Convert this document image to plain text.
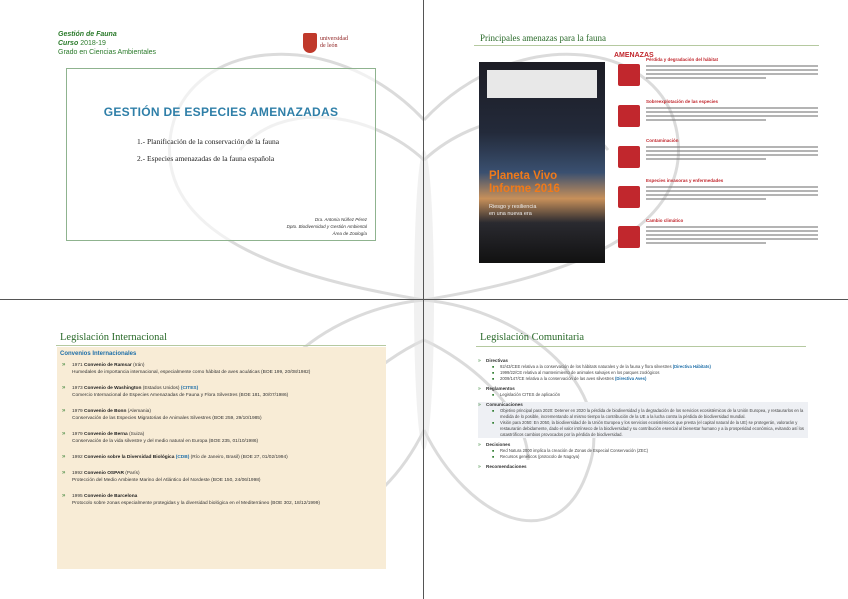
Gestión de Fauna
Curso 2018-19
Grado en Ciencias Ambientales
universidad
de león
GESTIÓN DE ESPECIES AMENAZADAS
1.- Planificación de la conservación de la fauna
2.- Especies amenazadas de la fauna española
Dra. Antonia Núñez Pérez
Dpto. Biodiversidad y Gestión Ambiental
Área de Zoología
Principales amenazas para la fauna
Planeta Vivo
Informe 2016
Riesgo y resiliencia
en una nueva era
AMENAZAS
Pérdida y degradación del hábitat
Sobreexplotación de las especies
Contaminación
Especies invasoras y enfermedades
Cambio climático
Legislación Internacional
Convenios Internacionales
» 1971 Convenio de Ramsar (Irán)
Humedales de importancia internacional, especialmente como hábitat de aves acuáticas (BOE 199, 20/08/1982)
» 1973 Convenio de Washington (Estados Unidos) (CITES)
Comercio Internacional de Especies Amenazadas de Fauna y Flora Silvestres (BOE 181, 30/07/1986)
» 1979 Convenio de Bonn (Alemania)
Conservación de las Especies Migratorias de Animales Silvestres (BOE 259, 29/10/1985)
» 1979 Convenio de Berna (Suiza)
Conservación de la vida silvestre y del medio natural en Europa (BOE 235, 01/10/1986)
» 1992 Convenio sobre la Diversidad Biológica (CDB) (Río de Janeiro, Brasil) (BOE 27, 01/02/1994)
» 1992 Convenio OSPAR (París)
Protección del Medio Ambiente Marino del Atlántico del Nordeste (BOE 150, 24/06/1998)
» 1995 Convenio de Barcelona
Protocolo sobre zonas especialmente protegidas y la diversidad biológica en el Mediterráneo (BOE 302, 18/12/1999)
Legislación Comunitaria
» Directivas
■ 92/43/CEE relativa a la conservación de los hábitats naturales y de la fauna y flora silvestres (Directiva Hábitats)
■ 1999/22/CE relativa al mantenimiento de animales salvajes en los parques zoológicos
■ 2009/147/CE relativa a la conservación de las aves silvestres (Directiva Aves)
» Reglamentos
■ Legislación CITES de aplicación
» Comunicaciones
■ Objetivo principal para 2020: Detener en 2020 la pérdida de biodiversidad y la degradación de los servicios ecosistémicos de la Unión Europea, y restaurarlos en la medida de lo posible, incrementando al mismo tiempo la contribución de la UE a la lucha contra la pérdida de biodiversidad mundial.
■ Visión para 2050: En 2050, la biodiversidad de la Unión Europea y los servicios ecosistémicos que presta (el capital natural de la UE) se protegerán, valorarán y restaurarán debidamente, dado el valor intrínseco de la biodiversidad y su contribución esencial al bienestar humano y a la prosperidad económica, evitando así los catastróficos cambios provocados por la pérdida de biodiversidad.
» Decisiones
■ Red Natura 2000 implica la creación de Zonas de Especial Conservación (ZEC)
■ Recursos genéticos (protocolo de Nagoya)
» Recomendaciones
